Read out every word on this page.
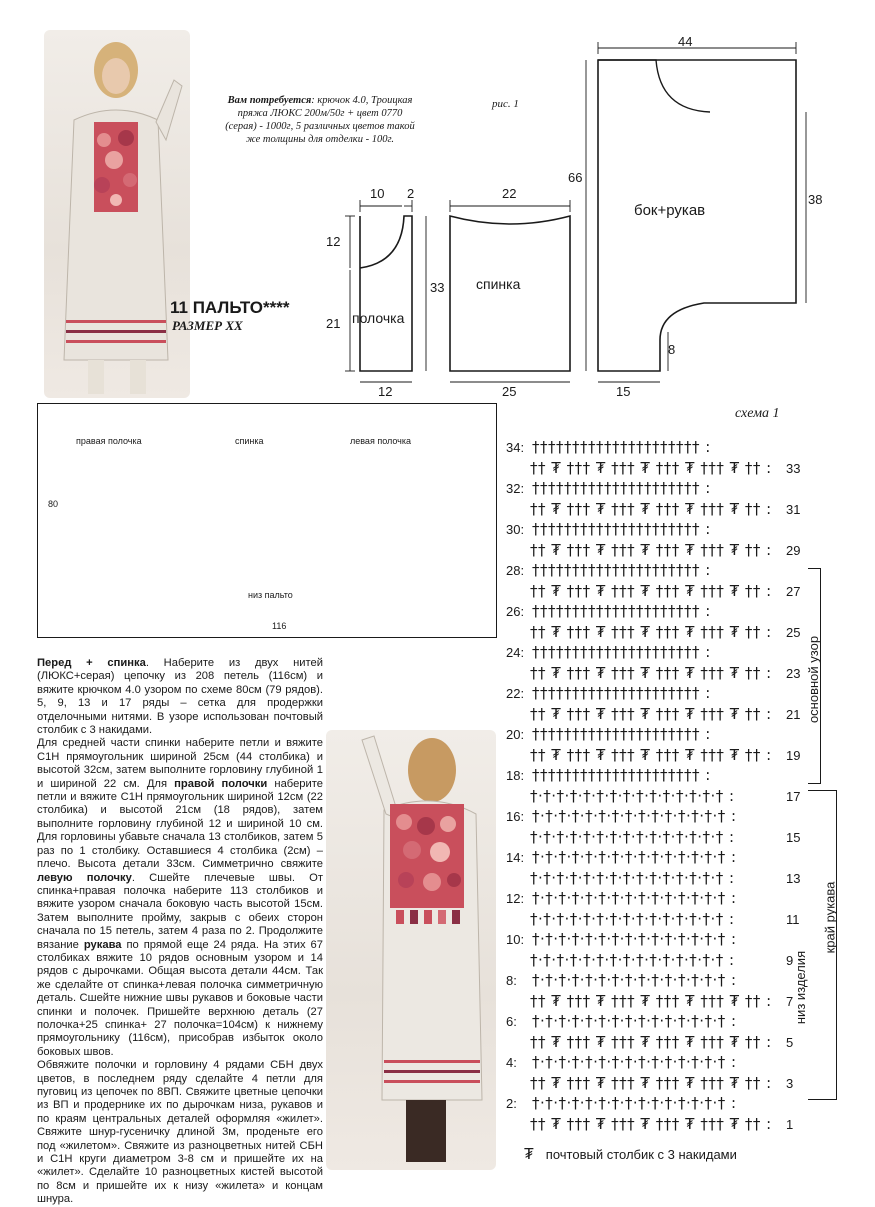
11 ПАЛЬТО****
РАЗМЕР XX
Вам потребуется: крючок 4.0, Троицкая пряжа ЛЮКС 200м/50г + цвет 0770 (серая) - 1000г, 5 различных цветов такой же толщины для отделки - 100г.
рис. 1
10 2
12
21
33
полочка
12
22
спинка
25
44
66
38
бок+рукав
8
15
правая полочка	спинка	левая полочка
80
низ пальто
116

Перед + спинка. Наберите из двух нитей (ЛЮКС+серая) цепочку из 208 петель (116см) и вяжите крючком 4.0 узором по схеме 80см (79 рядов). 5, 9, 13 и 17 ряды – сетка для продержки отделочными нитями. В узоре использован почтовый столбик с 3 накидами.

Для средней части спинки наберите петли и вяжите С1Н прямоугольник шириной 25см (44 столбика) и высотой 32см, затем выполните горловину глубиной 1 и шириной 22 см. Для правой полочки наберите петли и вяжите С1Н прямоугольник шириной 12см (22 столбика) и высотой 21см (18 рядов), затем выполните горловину глубиной 12 и шириной 10 см. Для горловины убавьте сначала 13 столбиков, затем 5 раз по 1 столбику. Оставшиеся 4 столбика (2см) – плечо. Высота детали 33см. Симметрично свяжите левую полочку. Сшейте плечевые швы. От спинка+правая полочка наберите 113 столбиков и вяжите узором сначала боковую часть высотой 15см. Затем выполните пройму, закрыв с обеих сторон сначала по 15 петель, затем 4 раза по 2. Продолжите вязание рукава по прямой еще 24 ряда. На этих 67 столбиках вяжите 10 рядов основным узором и 14 рядов с дырочками. Общая высота детали 44см. Так же сделайте от спинка+левая полочка симметричную деталь. Сшейте нижние швы рукавов и боковые части спинки и полочек. Пришейте верхнюю деталь (27 полочка+25 спинка+ 27 полочка=104см) к нижнему прямоугольнику (116см), присобрав избыток около боковых швов.

Обвяжите полочки и горловину 4 рядами СБН двух цветов, в последнем ряду сделайте 4 петли для пуговиц из цепочек по 8ВП. Свяжите цветные цепочки из ВП и продернике их по дырочкам низа, рукавов и по краям центральных деталей оформляя «жилет». Свяжите шнур-гусеничку длиной 3м, проденьте его под «жилетом». Свяжите из разноцветных нитей СБН и С1Н круги диаметром 3-8 см и пришейте их на «жилет». Сделайте 10 разноцветных кистей высотой по 8см и пришейте их к низу «жилета» и концам шнура.

схема 1
34: ††††††††††††††††††††† :
†† ₮ ††† ₮ ††† ₮ ††† ₮ ††† ₮ †† : 33
32: ††††††††††††††††††††† :
†† ₮ ††† ₮ ††† ₮ ††† ₮ ††† ₮ †† : 31
30: ††††††††††††††††††††† :
†† ₮ ††† ₮ ††† ₮ ††† ₮ ††† ₮ †† : 29
28: ††††††††††††††††††††† :
†† ₮ ††† ₮ ††† ₮ ††† ₮ ††† ₮ †† : 27
26: ††††††††††††††††††††† :
†† ₮ ††† ₮ ††† ₮ ††† ₮ ††† ₮ †† : 25
24: ††††††††††††††††††††† :
†† ₮ ††† ₮ ††† ₮ ††† ₮ ††† ₮ †† : 23
22: ††††††††††††††††††††† :
†† ₮ ††† ₮ ††† ₮ ††† ₮ ††† ₮ †† : 21
20: ††††††††††††††††††††† :
†† ₮ ††† ₮ ††† ₮ ††† ₮ ††† ₮ †† : 19
18: ††††††††††††††††††††† :
†·†·†·†·†·†·†·†·†·†·†·†·†·†·† :	17
16: †·†·†·†·†·†·†·†·†·†·†·†·†·†·† :
†·†·†·†·†·†·†·†·†·†·†·†·†·†·† :	15
14: †·†·†·†·†·†·†·†·†·†·†·†·†·†·† :
†·†·†·†·†·†·†·†·†·†·†·†·†·†·† :	13
12: †·†·†·†·†·†·†·†·†·†·†·†·†·†·† :
†·†·†·†·†·†·†·†·†·†·†·†·†·†·† :	11
10: †·†·†·†·†·†·†·†·†·†·†·†·†·†·† :
†·†·†·†·†·†·†·†·†·†·†·†·†·†·† :	9
8: †·†·†·†·†·†·†·†·†·†·†·†·†·†·† :
†† ₮ ††† ₮ ††† ₮ ††† ₮ ††† ₮ †† : 7
6: †·†·†·†·†·†·†·†·†·†·†·†·†·†·† :
†† ₮ ††† ₮ ††† ₮ ††† ₮ ††† ₮ †† : 5
4: †·†·†·†·†·†·†·†·†·†·†·†·†·†·† :
†† ₮ ††† ₮ ††† ₮ ††† ₮ ††† ₮ †† : 3
2: †·†·†·†·†·†·†·†·†·†·†·†·†·†·† :
†† ₮ ††† ₮ ††† ₮ ††† ₮ ††† ₮ †† : 1
основной узор
край рукава
низ изделия
₮ почтовый столбик с 3 накидами
